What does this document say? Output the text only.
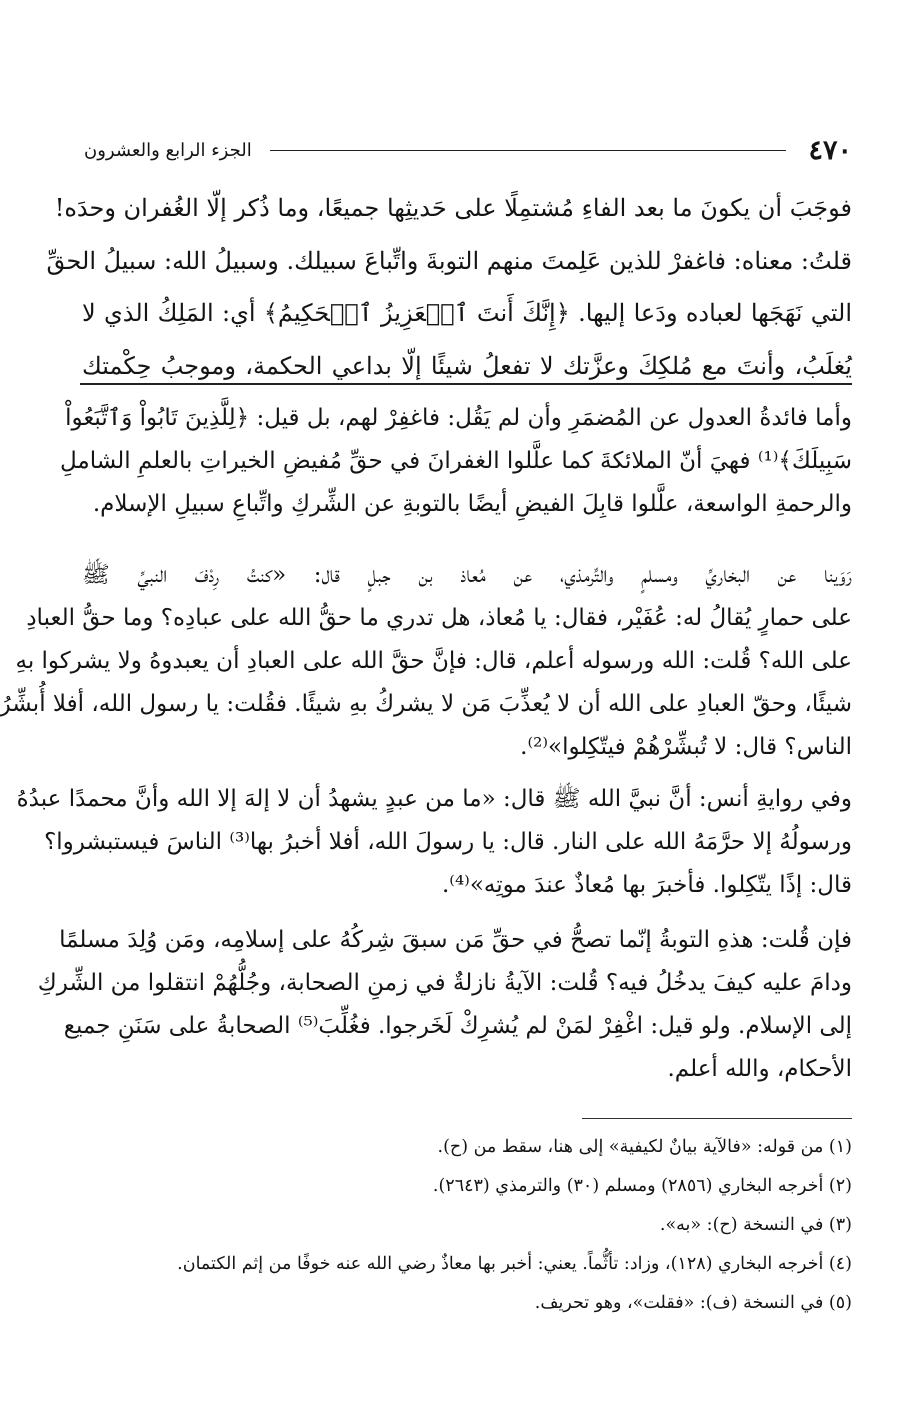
٤٧٠
الجزء الرابع والعشرون

فوجَبَ أن يكونَ ما بعد الفاءِ مُشتمِلًا على حَديثِها جميعًا، وما ذُكر إلّا الغُفران وحدَه!
قلتُ: معناه: فاغفرْ للذين عَلِمتَ منهم التوبةَ واتِّباعَ سبيلك. وسبيلُ الله: سبيلُ الحقِّ
التي نَهَجَها لعباده ودَعا إليها. ﴿إِنَّكَ أَنتَ ٱلۡعَزِيزُ ٱلۡحَكِيمُ﴾ أي: المَلِكُ الذي لا
يُغلَبُ، وأنتَ مع مُلكِكَ وعزَّتك لا تفعلُ شيئًا إلّا بداعي الحكمة، وموجبُ حِكْمتك

وأما فائدةُ العدول عن المُضمَرِ وأن لم يَقُل: فاغفِرْ لهم، بل قيل: ﴿لِلَّذِينَ تَابُواْ وَٱتَّبَعُواْ
سَبِيلَكَ﴾⁽¹⁾ فهيَ أنّ الملائكةَ كما علَّلوا الغفرانَ في حقِّ مُفيضِ الخيراتِ بالعلمِ الشاملِ
والرحمةِ الواسعة، علَّلوا قابِلَ الفيضِ أيضًا بالتوبةِ عن الشِّركِ واتِّباعِ سبيلِ الإسلام.

رَوَينا عن البخاريِّ ومسلمٍ والتِّرمذي، عن مُعاذ بن جبلٍ قال: «كنتُ رِدْفَ النبيِّ ﷺ
على حمارٍ يُقالُ له: عُفَيْر، فقال: يا مُعاذ، هل تدري ما حقُّ الله على عبادِه؟ وما حقُّ العبادِ
على الله؟ قُلت: الله ورسوله أعلم، قال: فإنَّ حقَّ الله على العبادِ أن يعبدوهُ ولا يشركوا بهِ
شيئًا، وحقّ العبادِ على الله أن لا يُعذِّبَ مَن لا يشركُ بهِ شيئًا. فقُلت: يا رسول الله، أفلا أُبشِّرُ
الناس؟ قال: لا تُبشِّرْهُمْ فيتّكِلوا»⁽²⁾.

وفي روايةِ أنس: أنَّ نبيَّ الله ﷺ قال: «ما من عبدٍ يشهدُ أن لا إلهَ إلا الله وأنَّ محمدًا عبدُهُ
ورسولُهُ إلا حرَّمَهُ الله على النار. قال: يا رسولَ الله، أفلا أخبرُ بها⁽³⁾ الناسَ فيستبشروا؟
قال: إذًا يتّكِلوا. فأخبرَ بها مُعاذٌ عندَ موتِه»⁽⁴⁾.

فإن قُلت: هذهِ التوبةُ إنّما تصحُّ في حقِّ مَن سبقَ شِركُهُ على إسلامِه، ومَن وُلِدَ مسلمًا
ودامَ عليه كيفَ يدخُلُ فيه؟ قُلت: الآيةُ نازلةٌ في زمنِ الصحابة، وجُلُّهُمْ انتقلوا من الشِّركِ
إلى الإسلام. ولو قيل: اغْفِرْ لمَنْ لم يُشرِكْ لَخَرجوا. فغُلِّبَ⁽⁵⁾ الصحابةُ على سَنَنِ جميع
الأحكام، والله أعلم.

(١) من قوله: «فالآية بيانٌ لكيفية» إلى هنا، سقط من (ح).
(٢) أخرجه البخاري (٢٨٥٦) ومسلم (٣٠) والترمذي (٢٦٤٣).
(٣) في النسخة (ح): «به».
(٤) أخرجه البخاري (١٢٨)، وزاد: تأثُّماً. يعني: أخبر بها معاذٌ رضي الله عنه خوفًا من إثم الكتمان.
(٥) في النسخة (ف): «فقلت»، وهو تحريف.
